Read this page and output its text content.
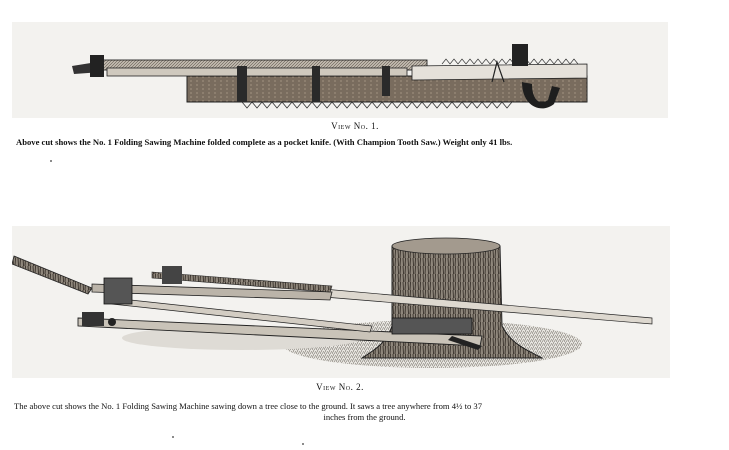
View No. 1.
Above cut shows the No. 1 Folding Sawing Machine folded complete as a pocket knife. (With Champion Tooth Saw.) Weight only 41 lbs.
View No. 2.
The above cut shows the No. 1 Folding Sawing Machine sawing down a tree close to the ground. It saws a tree anywhere from 4½ to 37
inches from the ground.
